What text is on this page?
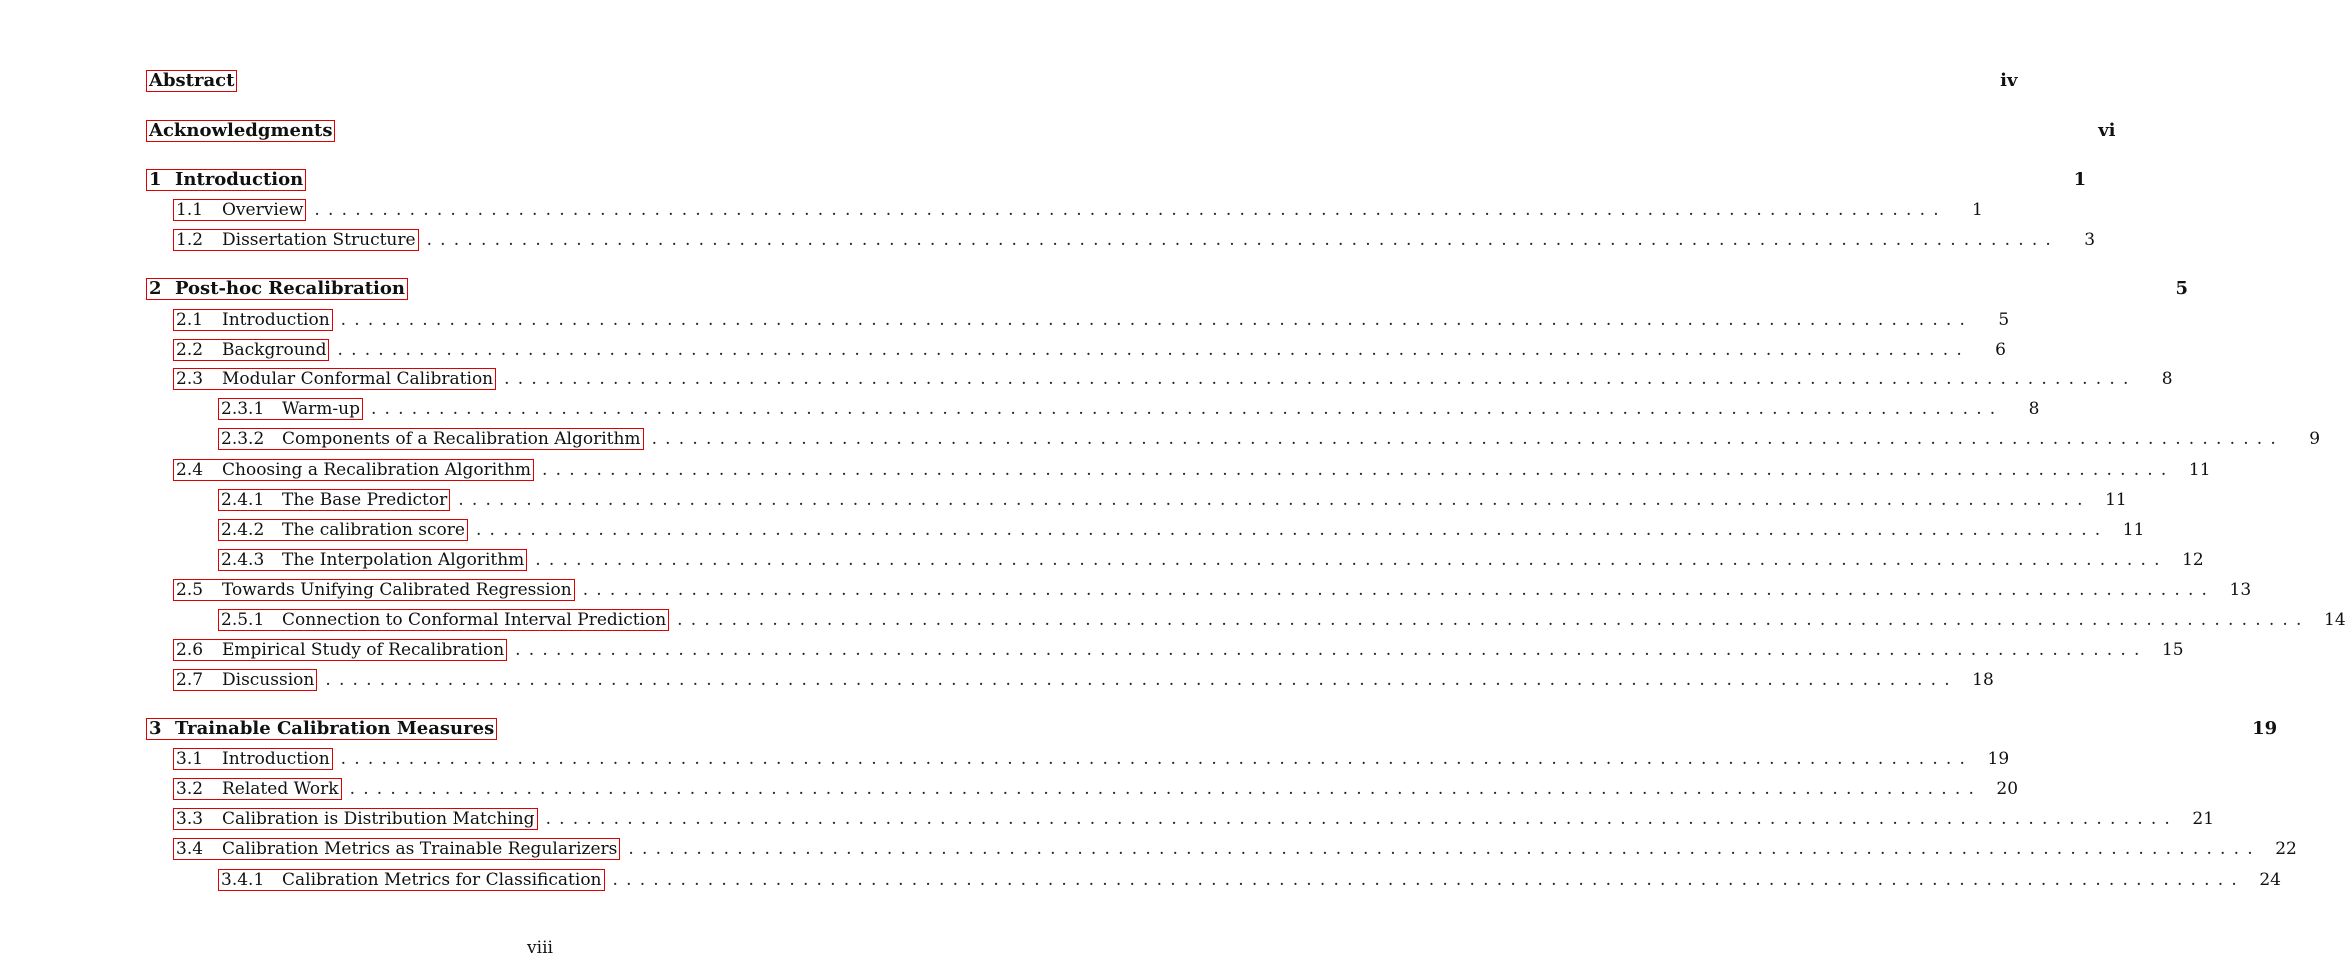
Abstract	iv
Acknowledgments	vi
1 Introduction	1
1.1 Overview ........................................................................................................................	1
1.2 Dissertation Structure ........................................................................................................................	3
2 Post-hoc Recalibration	5
2.1 Introduction ........................................................................................................................	5
2.2 Background ........................................................................................................................	6
2.3 Modular Conformal Calibration ........................................................................................................................	8
2.3.1 Warm-up ........................................................................................................................	8
2.3.2 Components of a Recalibration Algorithm ........................................................................................................................	9
2.4 Choosing a Recalibration Algorithm ........................................................................................................................ 11
2.4.1 The Base Predictor ........................................................................................................................ 11
2.4.2 The calibration score ........................................................................................................................ 11
2.4.3 The Interpolation Algorithm ........................................................................................................................ 12
2.5 Towards Unifying Calibrated Regression ........................................................................................................................ 13
2.5.1 Connection to Conformal Interval Prediction ........................................................................................................................ 14
2.6 Empirical Study of Recalibration ........................................................................................................................ 15
2.7 Discussion ........................................................................................................................ 18
3 Trainable Calibration Measures	19
3.1 Introduction ........................................................................................................................ 19
3.2 Related Work ........................................................................................................................ 20
3.3 Calibration is Distribution Matching ........................................................................................................................ 21
3.4 Calibration Metrics as Trainable Regularizers ........................................................................................................................ 22
3.4.1 Calibration Metrics for Classification ........................................................................................................................ 24
viii
